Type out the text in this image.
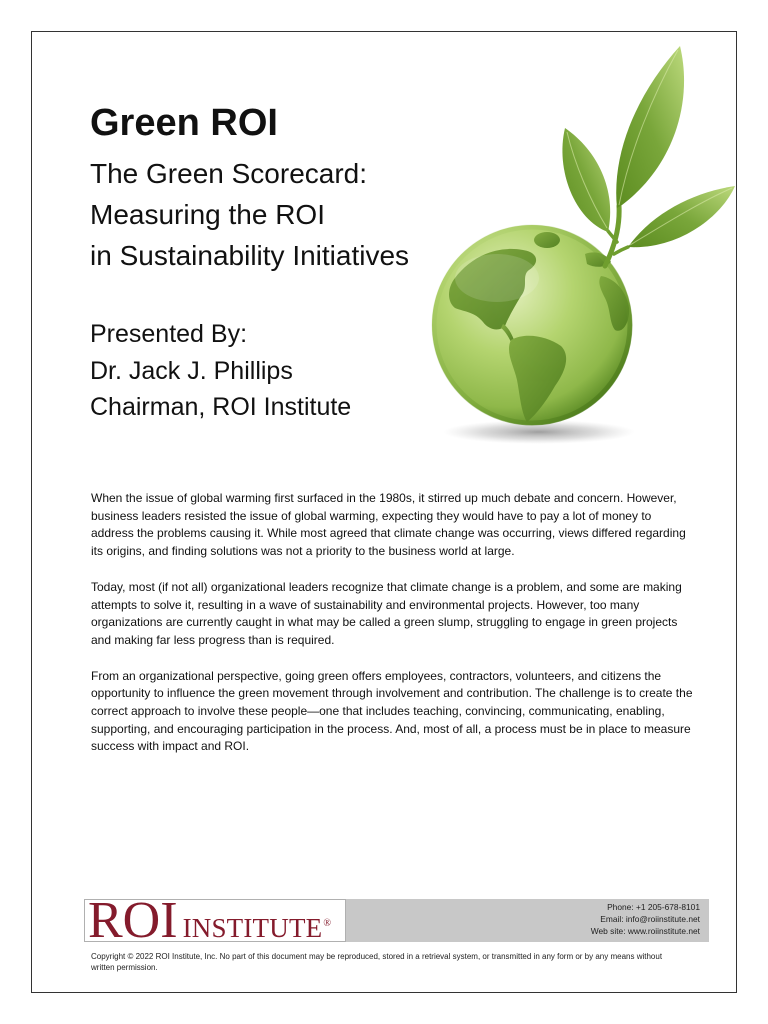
Green ROI
The Green Scorecard:
Measuring the ROI
in Sustainability Initiatives
Presented By:
Dr. Jack J. Phillips
Chairman, ROI Institute

When the issue of global warming first surfaced in the 1980s, it stirred up much debate and concern. However, business leaders resisted the issue of global warming, expecting they would have to pay a lot of money to address the problems causing it. While most agreed that climate change was occurring, views differed regarding its origins, and finding solutions was not a priority to the business world at large.

Today, most (if not all) organizational leaders recognize that climate change is a problem, and some are making attempts to solve it, resulting in a wave of sustainability and environmental projects. However, too many organizations are currently caught in what may be called a green slump, struggling to engage in green projects and making far less progress than is required.

From an organizational perspective, going green offers employees, contractors, volunteers, and citizens the opportunity to influence the green movement through involvement and contribution. The challenge is to create the correct approach to involve these people—one that includes teaching, convincing, communicating, enabling, supporting, and encouraging participation in the process. And, most of all, a process must be in place to measure success with impact and ROI.

ROI INSTITUTE®
Phone: +1 205-678-8101
Email: info@roiinstitute.net
Web site: www.roiinstitute.net
Copyright © 2022 ROI Institute, Inc. No part of this document may be reproduced, stored in a retrieval system, or transmitted in any form or by any means without written permission.
